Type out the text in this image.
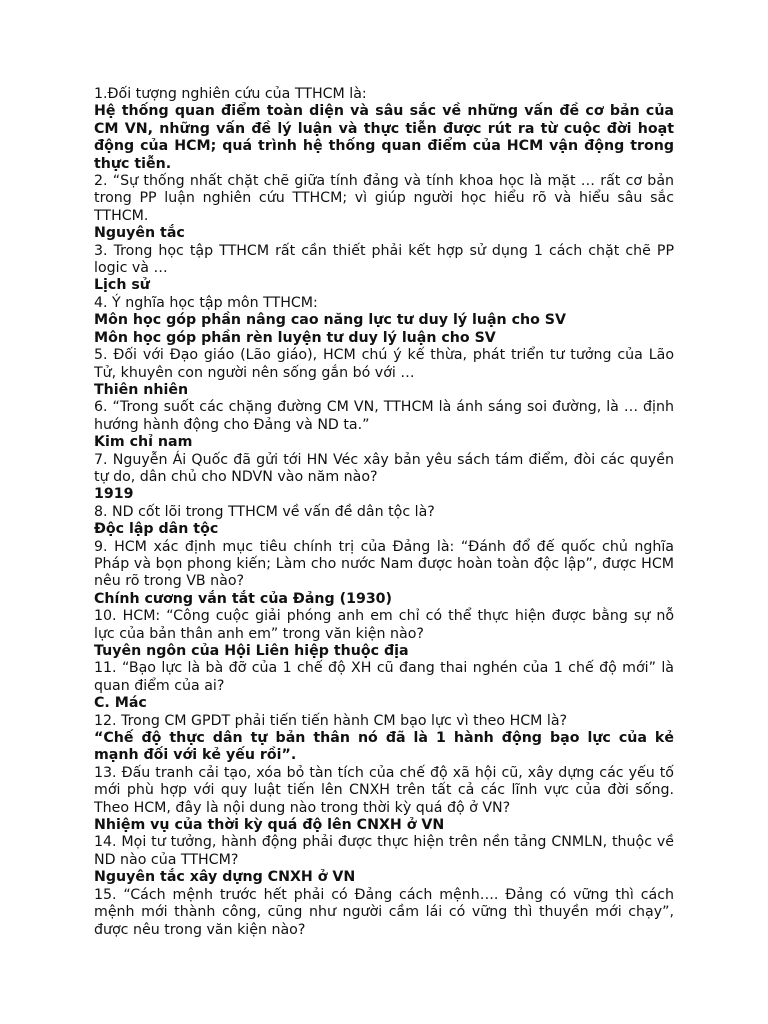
1.Đối tượng nghiên cứu của TTHCM là:

Hệ thống quan điểm toàn diện và sâu sắc về những vấn đề cơ bản của CM VN, những vấn đề lý luận và thực tiễn được rút ra từ cuộc đời hoạt động của HCM; quá trình hệ thống quan điểm của HCM vận động trong thực tiễn.

2. “Sự thống nhất chặt chẽ giữa tính đảng và tính khoa học là mặt … rất cơ bản trong PP luận nghiên cứu TTHCM; vì giúp người học hiểu rõ và hiểu sâu sắc TTHCM.

Nguyên tắc

3. Trong học tập TTHCM rất cần thiết phải kết hợp sử dụng 1 cách chặt chẽ PP logic và …

Lịch sử

4. Ý nghĩa học tập môn TTHCM:

Môn học góp phần nâng cao năng lực tư duy lý luận cho SV

Môn học góp phần rèn luyện tư duy lý luận cho SV

5. Đối với Đạo giáo (Lão giáo), HCM chú ý kế thừa, phát triển tư tưởng của Lão Tử, khuyên con người nên sống gắn bó với …

Thiên nhiên

6. “Trong suốt các chặng đường CM VN, TTHCM là ánh sáng soi đường, là … định hướng hành động cho Đảng và ND ta.”

Kim chỉ nam

7. Nguyễn Ái Quốc đã gửi tới HN Véc xây bản yêu sách tám điểm, đòi các quyền tự do, dân chủ cho NDVN vào năm nào?

1919

8. ND cốt lõi trong TTHCM về vấn đề dân tộc là?

Độc lập dân tộc

9. HCM xác định mục tiêu chính trị của Đảng là: “Đánh đổ đế quốc chủ nghĩa Pháp và bọn phong kiến; Làm cho nước Nam được hoàn toàn độc lập”, được HCM nêu rõ trong VB nào?

Chính cương vắn tắt của Đảng (1930)

10. HCM: “Công cuộc giải phóng anh em chỉ có thể thực hiện được bằng sự nỗ lực của bản thân anh em” trong văn kiện nào?

Tuyên ngôn của Hội Liên hiệp thuộc địa

11. “Bạo lực là bà đỡ của 1 chế độ XH cũ đang thai nghén của 1 chế độ mới” là quan điểm của ai?

C. Mác

12. Trong CM GPDT phải tiến tiến hành CM bạo lực vì theo HCM là?

“Chế độ thực dân tự bản thân nó đã là 1 hành động bạo lực của kẻ mạnh đối với kẻ yếu rồi”.

13. Đấu tranh cải tạo, xóa bỏ tàn tích của chế độ xã hội cũ, xây dựng các yếu tố mới phù hợp với quy luật tiến lên CNXH trên tất cả các lĩnh vực của đời sống. Theo HCM, đây là nội dung nào trong thời kỳ quá độ ở VN?

Nhiệm vụ của thời kỳ quá độ lên CNXH ở VN

14. Mọi tư tưởng, hành động phải được thực hiện trên nền tảng CNMLN, thuộc về ND nào của TTHCM?

Nguyên tắc xây dựng CNXH ở VN

15. “Cách mệnh trước hết phải có Đảng cách mệnh…. Đảng có vững thì cách mệnh mới thành công, cũng như người cầm lái có vững thì thuyền mới chạy”, được nêu trong văn kiện nào?
